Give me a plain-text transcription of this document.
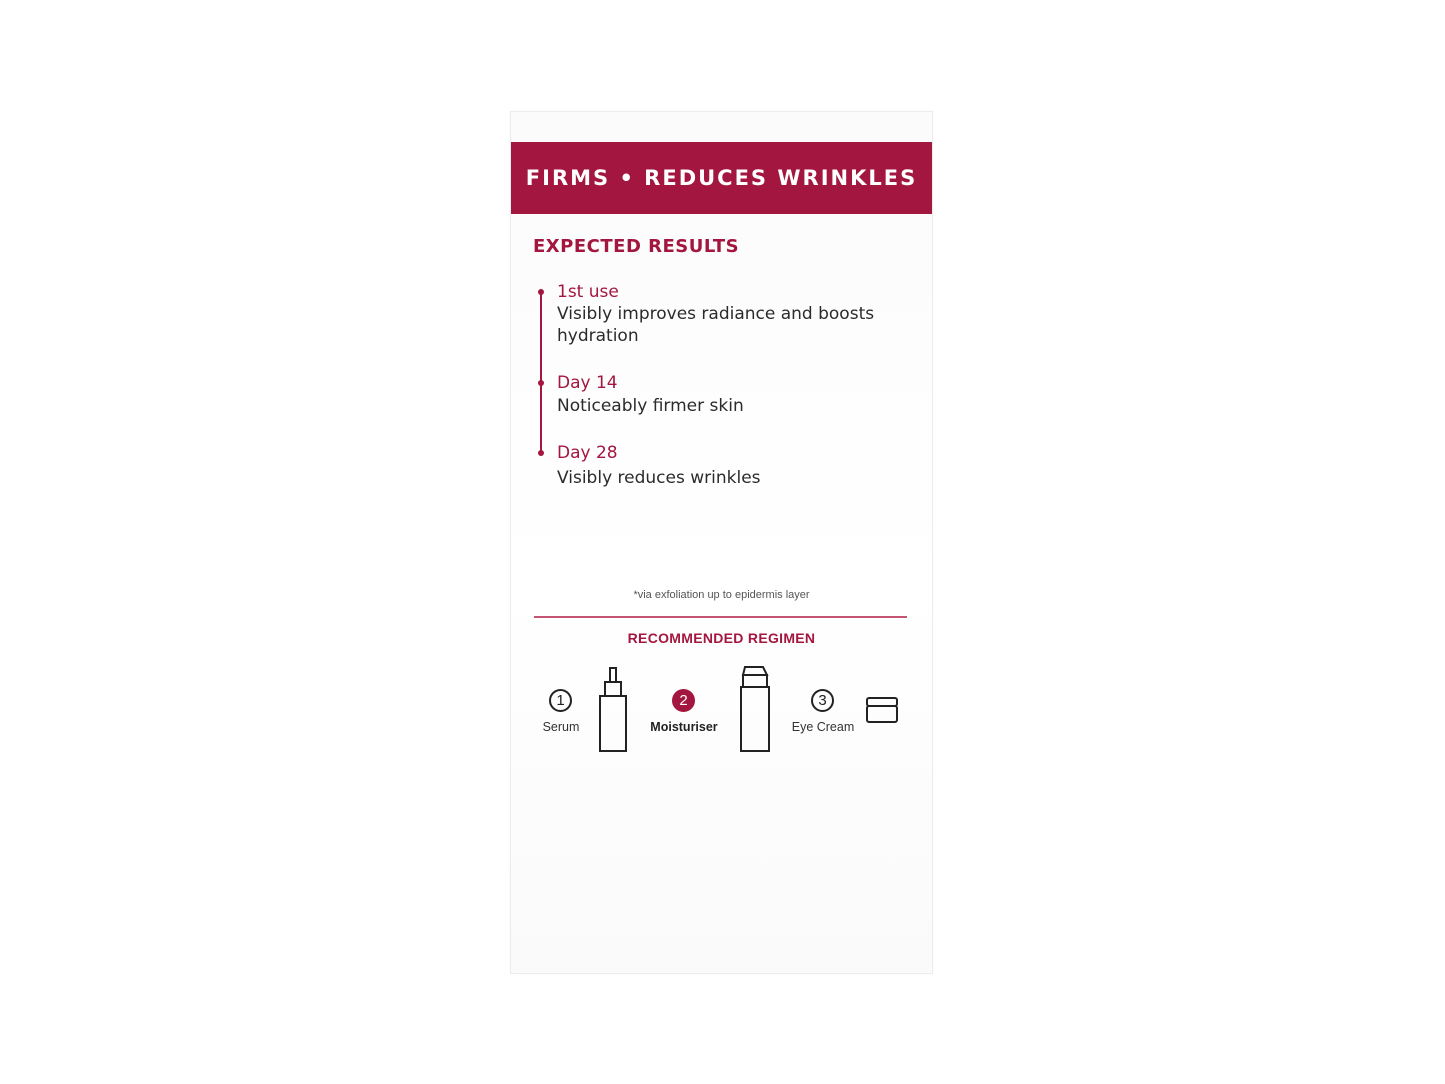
FIRMS • REDUCES WRINKLES
EXPECTED RESULTS
1st use
Visibly improves radiance and boosts hydration
Day 14
Noticeably firmer skin
Day 28
Visibly reduces wrinkles
*via exfoliation up to epidermis layer
RECOMMENDED REGIMEN
1
Serum
2
Moisturiser
3
Eye Cream
